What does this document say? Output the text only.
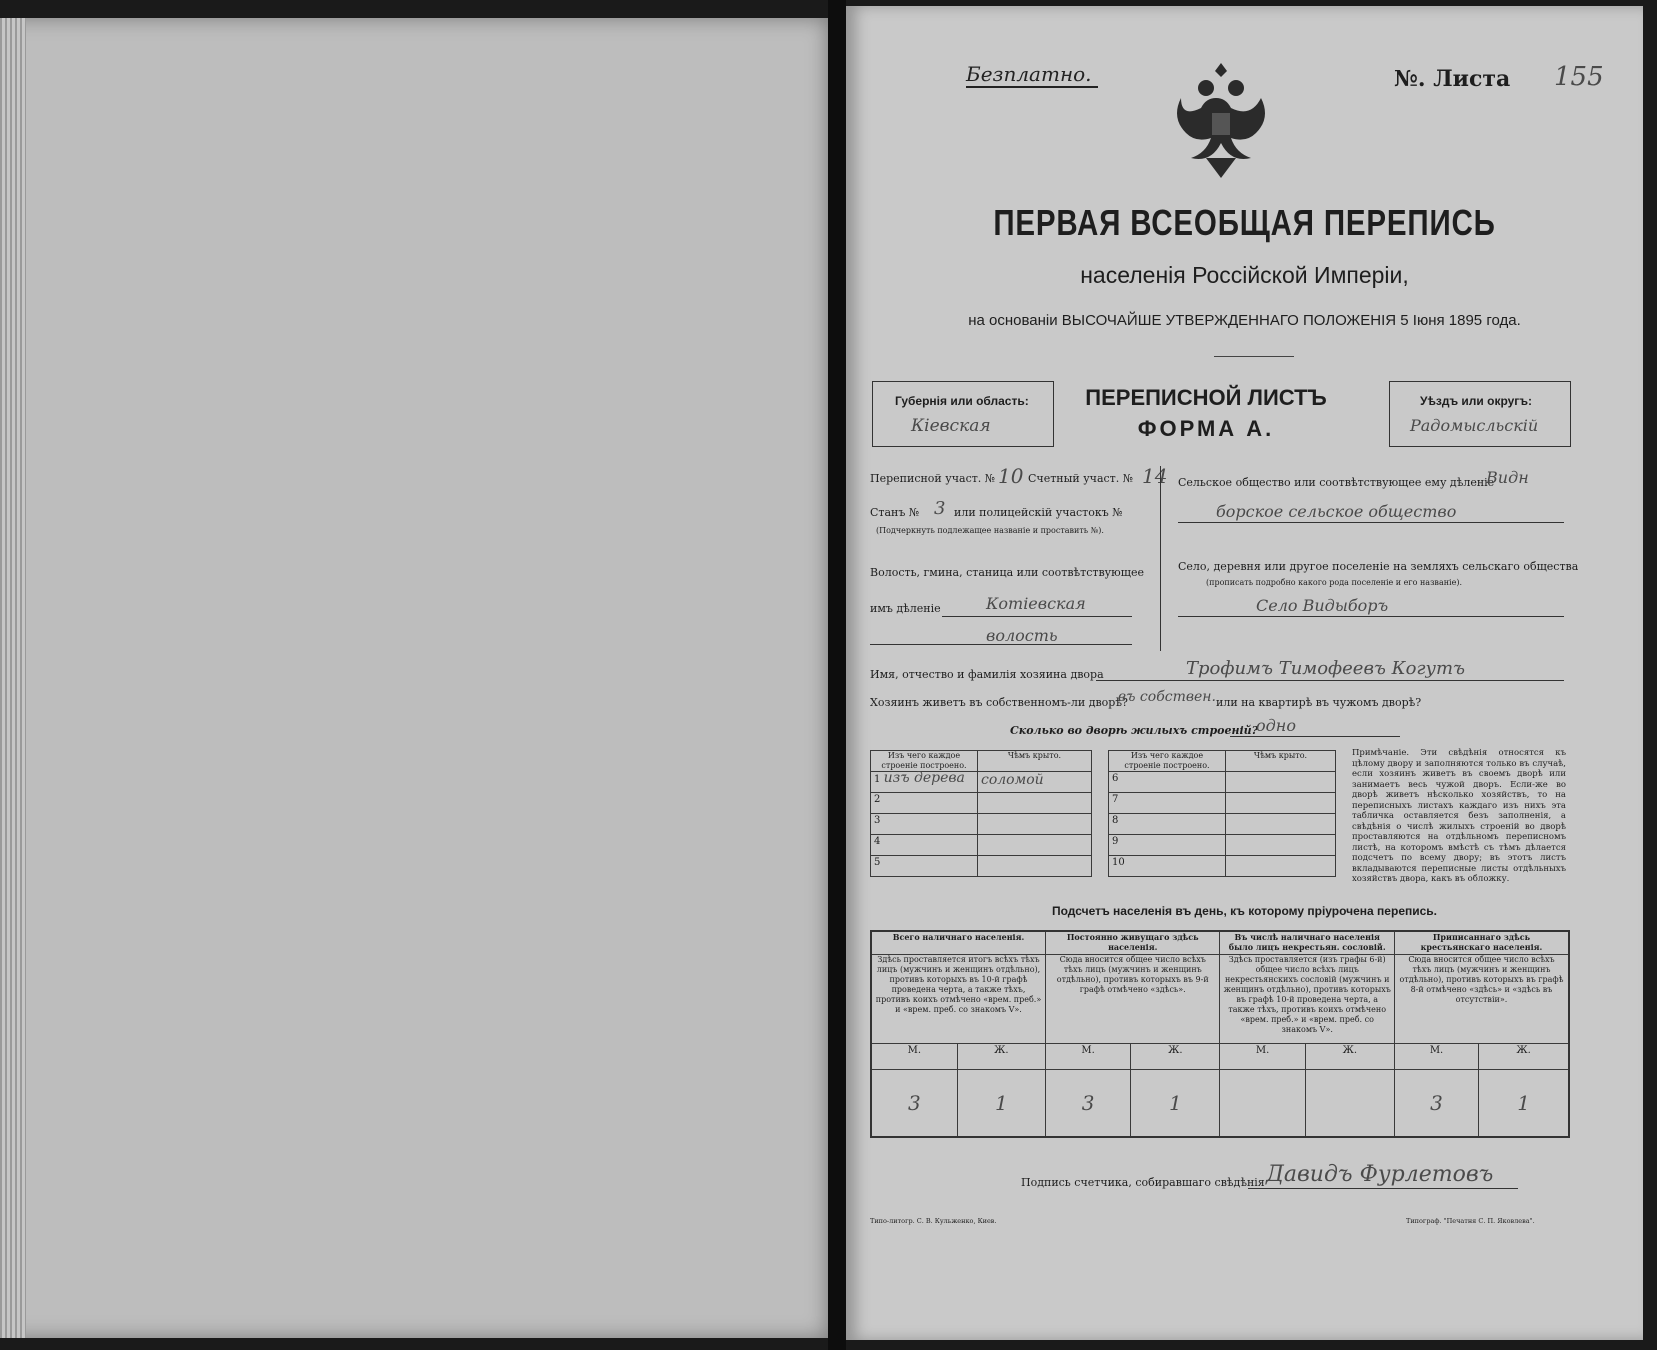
Безплатно.	№. Листа 155
ПЕРВАЯ ВСЕОБЩАЯ ПЕРЕПИСЬ
населенія Россійской Имперіи,
на основаніи ВЫСОЧАЙШЕ УТВЕРЖДЕННАГО ПОЛОЖЕНІЯ 5 Іюня 1895 года.
Губернія или область:
Кіевская
ПЕРЕПИСНОЙ ЛИСТЪ
ФОРМА А.
Уѣздъ или округъ:
Радомысльскій
Переписной участ. № 10 Счетный участ. № 14
Станъ № 3 или полицейскій участокъ №
(Подчеркнуть подлежащее названіе и проставить №).
Волость, гмина, станица или соотвѣтствующее
имъ дѣленіе	Котіевская
волость
Сельское общество или соотвѣтствующее ему дѣленіе
Видн
борское сельское общество
Село, деревня или другое поселеніе на земляхъ сельскаго общества
(прописать подробно какого рода поселеніе и его названіе).
Село Видыборъ
Имя, отчество и фамилія хозяина двора	Трофимъ Тимофеевъ Когутъ
Хозяинъ живетъ въ собственномъ-ли дворѣ?
въ собствен. или на квартирѣ въ чужомъ дворѣ?
Сколько во дворѣ жилыхъ строеній?
одно
Изъ чего каждое строеніе построено.	Чѣмъ крыто.
1 изъ дерева	соломой
2	
3	
4	
5	
Изъ чего каждое строеніе построено.	Чѣмъ крыто.
6	
7	
8	
9	
10	
Примѣчаніе. Эти свѣдѣнія относятся къ цѣлому двору и заполняются только въ случаѣ, если хозяинъ живетъ въ своемъ дворѣ или занимаетъ весь чужой дворъ. Если-же во дворѣ живетъ нѣсколько хозяйствъ, то на переписныхъ листахъ каждаго изъ нихъ эта табличка оставляется безъ заполненія, а свѣдѣнія о числѣ жилыхъ строеній во дворѣ проставляются на отдѣльномъ переписномъ листѣ, на которомъ вмѣстѣ съ тѣмъ дѣлается подсчетъ по всему двору; въ этотъ листъ вкладываются переписные листы отдѣльныхъ хозяйствъ двора, какъ въ обложку.
Подсчетъ населенія въ день, къ которому пріурочена перепись.
Всего наличнаго населенія.		Постоянно живущаго здѣсь населенія.		Въ числѣ наличнаго населенія было лицъ некрестьян. сословій.		Приписаннаго здѣсь крестьянскаго населенія.	
Здѣсь проставляется итогъ всѣхъ тѣхъ лицъ (мужчинъ и женщинъ отдѣльно), противъ которыхъ въ 10-й графѣ проведена черта, а также тѣхъ, противъ коихъ отмѣчено «врем. преб.» и «врем. преб. со знакомъ V».		Сюда вносится общее число всѣхъ тѣхъ лицъ (мужчинъ и женщинъ отдѣльно), противъ которыхъ въ 9-й графѣ отмѣчено «здѣсь».		Здѣсь проставляется (изъ графы 6-й) общее число всѣхъ лицъ некрестьянскихъ сословій (мужчинъ и женщинъ отдѣльно), противъ которыхъ въ графѣ 10-й проведена черта, а также тѣхъ, противъ коихъ отмѣчено «врем. преб.» и «врем. преб. со знакомъ V».		Сюда вносится общее число всѣхъ тѣхъ лицъ (мужчинъ и женщинъ отдѣльно), противъ которыхъ въ графѣ 8-й отмѣчено «здѣсь» и «здѣсь въ отсутствіи».	
М.	Ж.	М.	Ж.	М.	Ж.	М.	Ж.
3	1	3	1			3	1
Подпись счетчика, собиравшаго свѣдѣнія Давидъ Фурлетовъ
Типо-литогр. С. В. Кульженко, Киев.	Типограф. "Печатня С. П. Яковлева".
